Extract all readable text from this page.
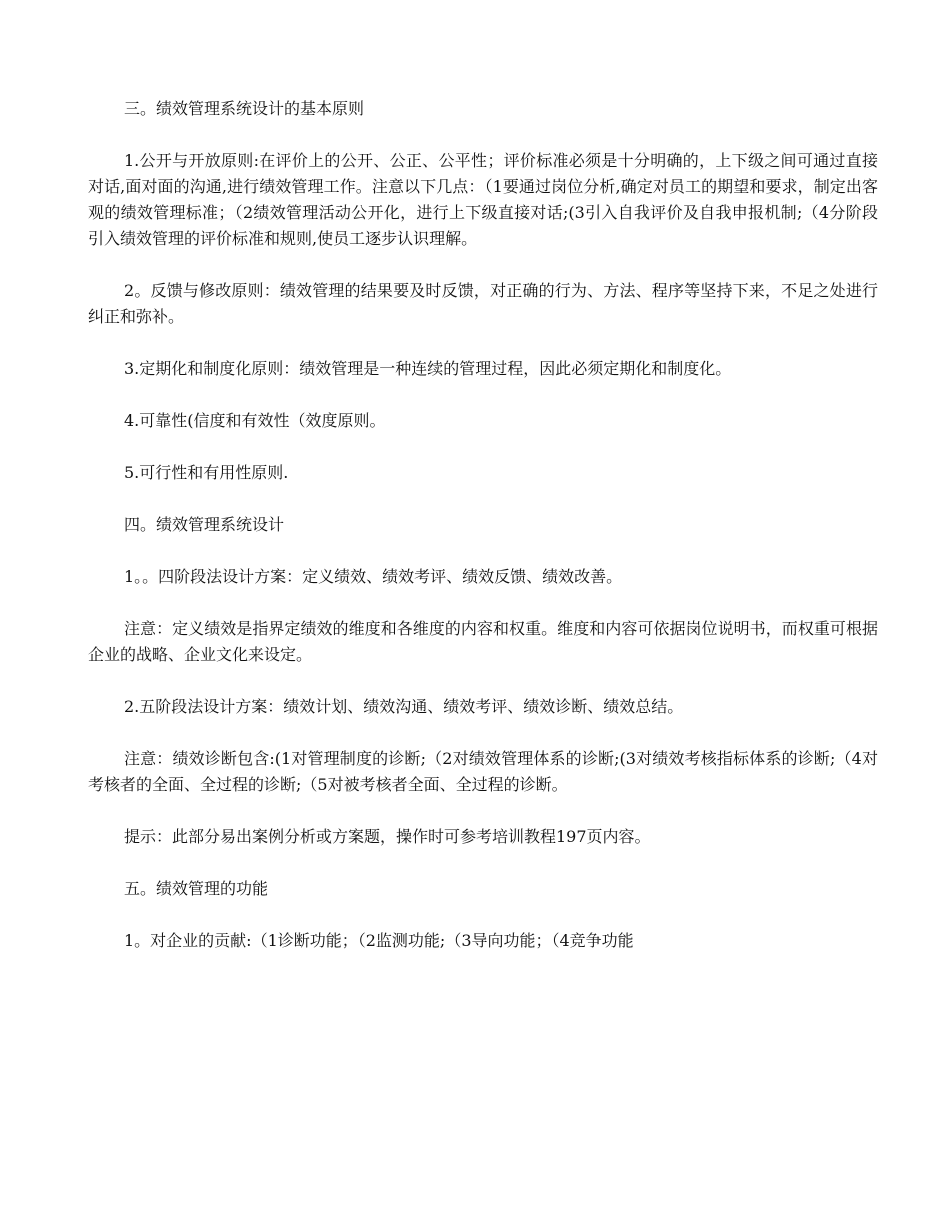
三。绩效管理系统设计的基本原则

1.公开与开放原则:在评价上的公开、公正、公平性；评价标准必须是十分明确的，上下级之间可通过直接对话,面对面的沟通,进行绩效管理工作。注意以下几点：（1要通过岗位分析,确定对员工的期望和要求，制定出客观的绩效管理标准；（2绩效管理活动公开化，进行上下级直接对话;(3引入自我评价及自我申报机制;（4分阶段引入绩效管理的评价标准和规则,使员工逐步认识理解。

2。反馈与修改原则：绩效管理的结果要及时反馈，对正确的行为、方法、程序等坚持下来，不足之处进行纠正和弥补。

3.定期化和制度化原则：绩效管理是一种连续的管理过程，因此必须定期化和制度化。

4.可靠性(信度和有效性（效度原则。

5.可行性和有用性原则.

四。绩效管理系统设计

1。。四阶段法设计方案：定义绩效、绩效考评、绩效反馈、绩效改善。

注意：定义绩效是指界定绩效的维度和各维度的内容和权重。维度和内容可依据岗位说明书，而权重可根据企业的战略、企业文化来设定。

2.五阶段法设计方案：绩效计划、绩效沟通、绩效考评、绩效诊断、绩效总结。

注意：绩效诊断包含:(1对管理制度的诊断;（2对绩效管理体系的诊断;(3对绩效考核指标体系的诊断;（4对考核者的全面、全过程的诊断;（5对被考核者全面、全过程的诊断。

提示：此部分易出案例分析或方案题，操作时可参考培训教程197页内容。

五。绩效管理的功能

1。对企业的贡献:（1诊断功能；（2监测功能;（3导向功能；（4竞争功能
